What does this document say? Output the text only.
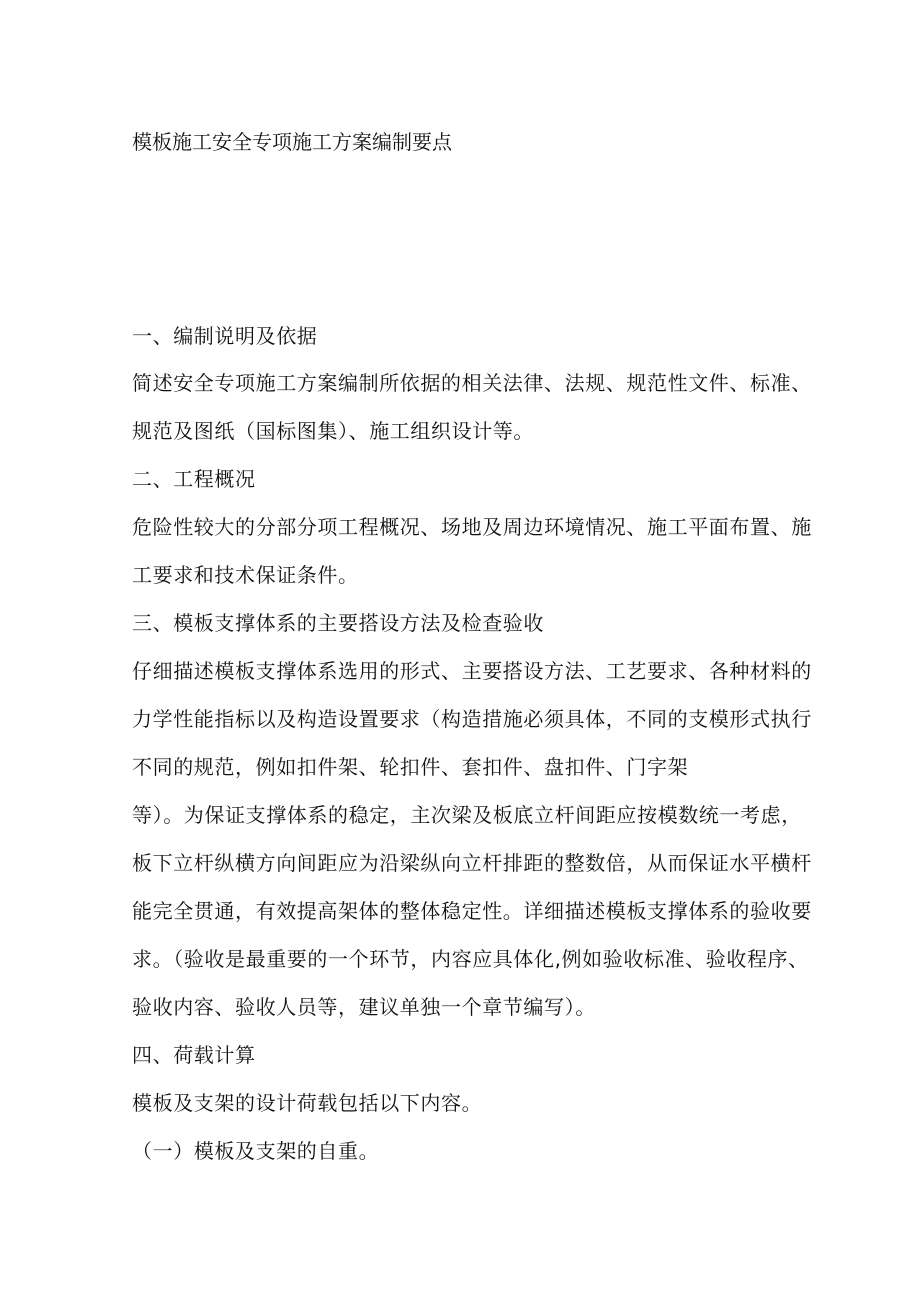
模板施工安全专项施工方案编制要点
一、编制说明及依据
简述安全专项施工方案编制所依据的相关法律、法规、规范性文件、标准、
规范及图纸（国标图集）、施工组织设计等。
二、工程概况
危险性较大的分部分项工程概况、场地及周边环境情况、施工平面布置、施
工要求和技术保证条件。
三、模板支撑体系的主要搭设方法及检查验收
仔细描述模板支撑体系选用的形式、主要搭设方法、工艺要求、各种材料的
力学性能指标以及构造设置要求（构造措施必须具体，不同的支模形式执行
不同的规范，例如扣件架、轮扣件、套扣件、盘扣件、门字架
等）。为保证支撑体系的稳定，主次梁及板底立杆间距应按模数统一考虑，
板下立杆纵横方向间距应为沿梁纵向立杆排距的整数倍，从而保证水平横杆
能完全贯通，有效提高架体的整体稳定性。详细描述模板支撑体系的验收要
求。（验收是最重要的一个环节，内容应具体化,例如验收标准、验收程序、
验收内容、验收人员等，建议单独一个章节编写）。
四、荷载计算
模板及支架的设计荷载包括以下内容。
（一）模板及支架的自重。
